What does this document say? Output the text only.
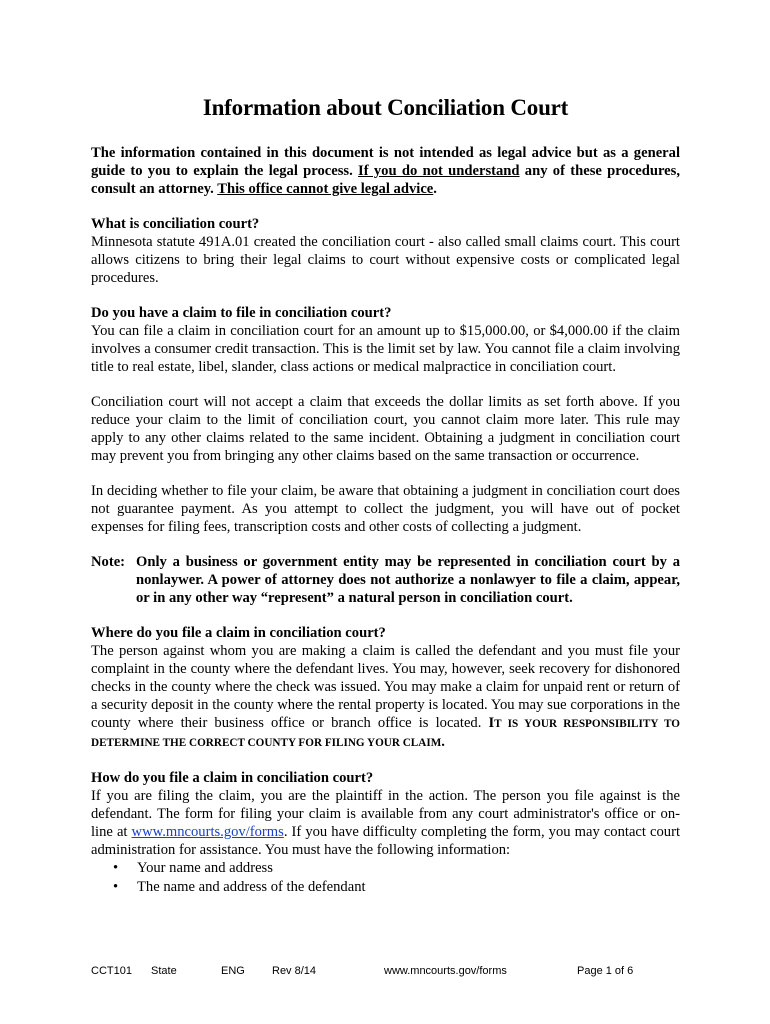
Information about Conciliation Court

The information contained in this document is not intended as legal advice but as a general guide to you to explain the legal process. If you do not understand any of these procedures, consult an attorney. This office cannot give legal advice.

What is conciliation court?

Minnesota statute 491A.01 created the conciliation court - also called small claims court. This court allows citizens to bring their legal claims to court without expensive costs or complicated legal procedures.

Do you have a claim to file in conciliation court?

You can file a claim in conciliation court for an amount up to $15,000.00, or $4,000.00 if the claim involves a consumer credit transaction. This is the limit set by law. You cannot file a claim involving title to real estate, libel, slander, class actions or medical malpractice in conciliation court.

Conciliation court will not accept a claim that exceeds the dollar limits as set forth above. If you reduce your claim to the limit of conciliation court, you cannot claim more later. This rule may apply to any other claims related to the same incident. Obtaining a judgment in conciliation court may prevent you from bringing any other claims based on the same transaction or occurrence.

In deciding whether to file your claim, be aware that obtaining a judgment in conciliation court does not guarantee payment. As you attempt to collect the judgment, you will have out of pocket expenses for filing fees, transcription costs and other costs of collecting a judgment.

Note: Only a business or government entity may be represented in conciliation court by a nonlaywer. A power of attorney does not authorize a nonlawyer to file a claim, appear, or in any other way “represent” a natural person in conciliation court.

Where do you file a claim in conciliation court?

The person against whom you are making a claim is called the defendant and you must file your complaint in the county where the defendant lives. You may, however, seek recovery for dishonored checks in the county where the check was issued. You may make a claim for unpaid rent or return of a security deposit in the county where the rental property is located. You may sue corporations in the county where their business office or branch office is located. IT IS YOUR RESPONSIBILITY TO DETERMINE THE CORRECT COUNTY FOR FILING YOUR CLAIM.

How do you file a claim in conciliation court?

If you are filing the claim, you are the plaintiff in the action. The person you file against is the defendant. The form for filing your claim is available from any court administrator's office or on-line at www.mncourts.gov/forms. If you have difficulty completing the form, you may contact court administration for assistance. You must have the following information:

•	Your name and address
•	The name and address of the defendant
CCT101 State	ENG Rev 8/14	www.mncourts.gov/forms	Page 1 of 6
